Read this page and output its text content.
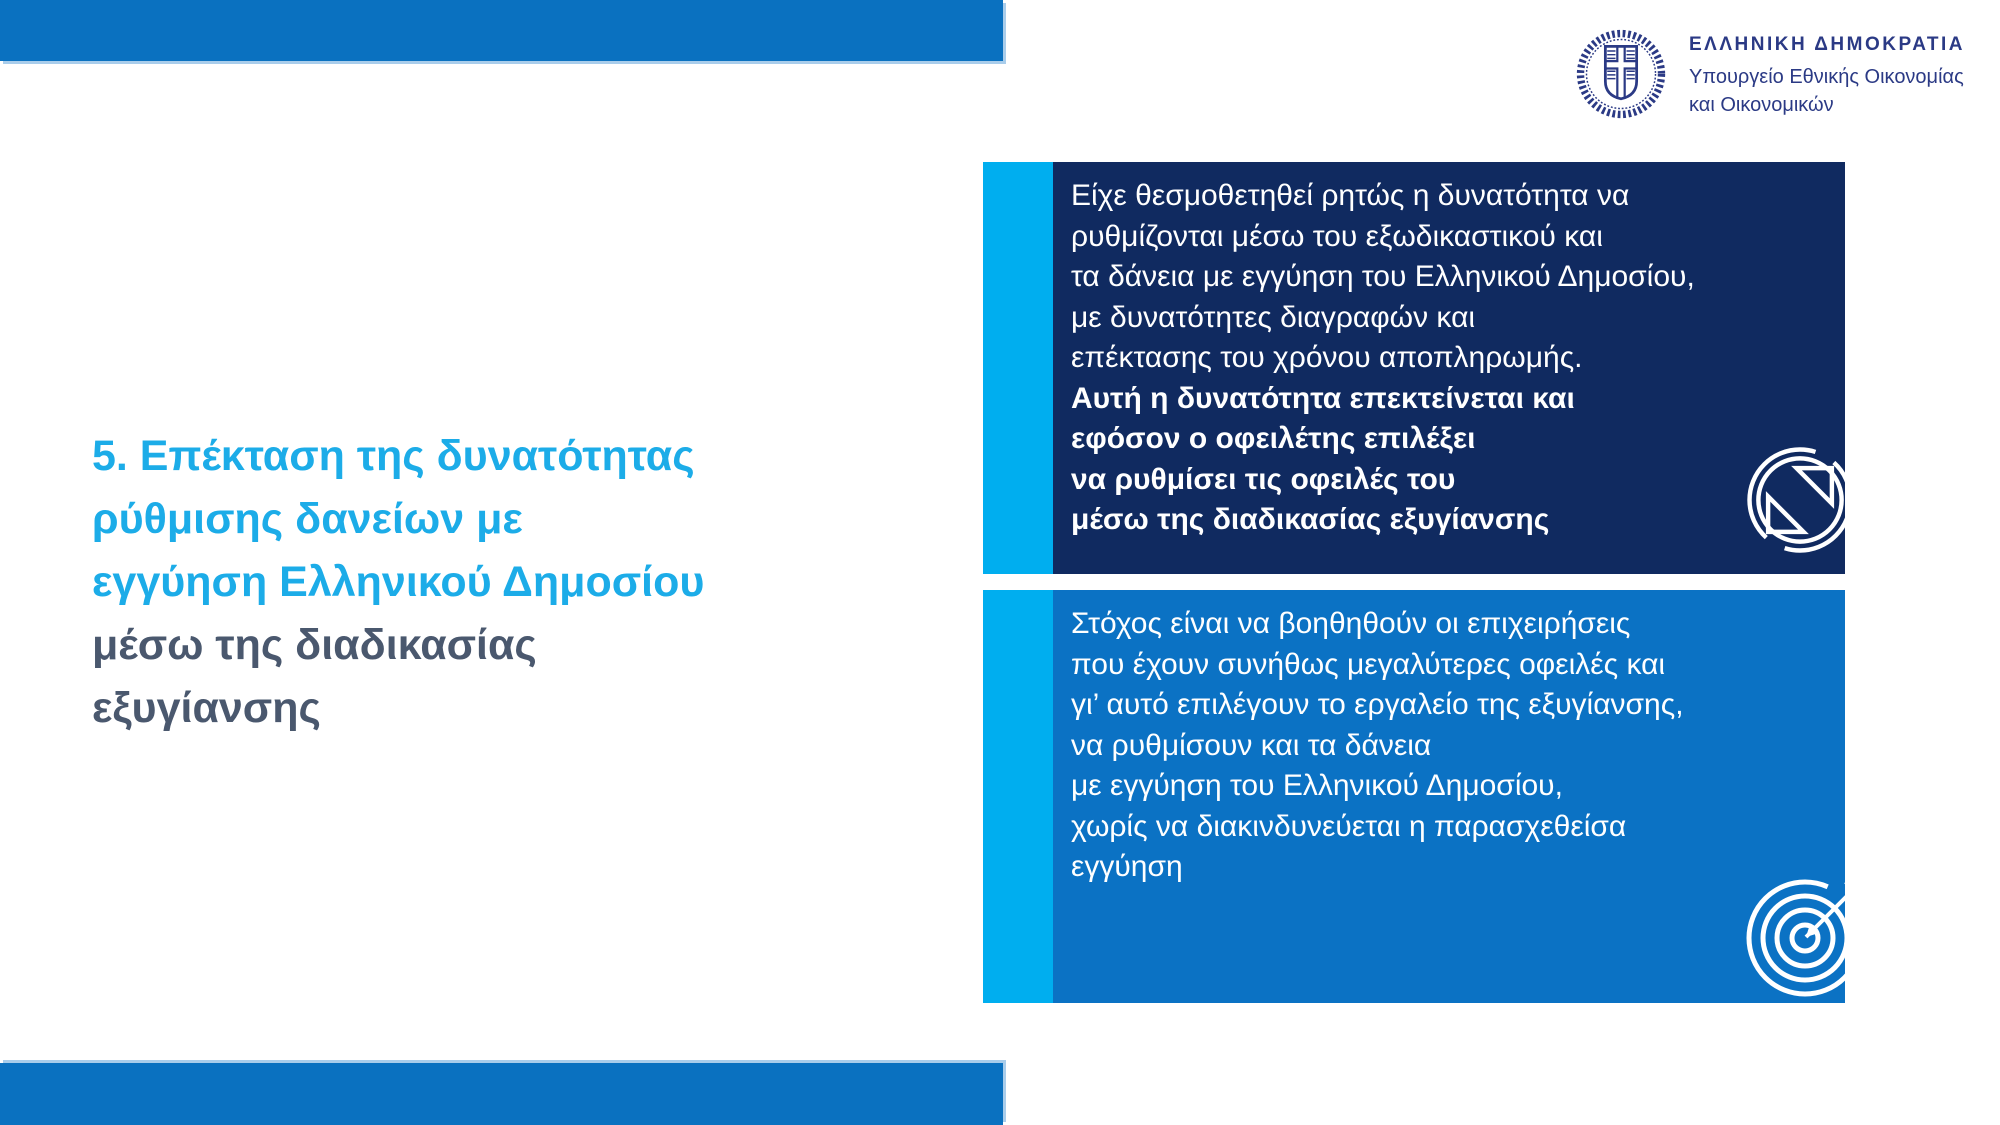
ΕΛΛΗΝΙΚΗ ΔΗΜΟΚΡΑΤΙΑ
Υπουργείο Εθνικής Οικονομίας
και Οικονομικών
5. Επέκταση της δυνατότητας
ρύθμισης δανείων με
εγγύηση Ελληνικού Δημοσίου
μέσω της διαδικασίας
εξυγίανσης
Είχε θεσμοθετηθεί ρητώς η δυνατότητα να
ρυθμίζονται μέσω του εξωδικαστικού και
τα δάνεια με εγγύηση του Ελληνικού Δημοσίου,
με δυνατότητες διαγραφών και
επέκτασης του χρόνου αποπληρωμής.
Αυτή η δυνατότητα επεκτείνεται και
εφόσον ο οφειλέτης επιλέξει
να ρυθμίσει τις οφειλές του
μέσω της διαδικασίας εξυγίανσης
Στόχος είναι να βοηθηθούν οι επιχειρήσεις
που έχουν συνήθως μεγαλύτερες οφειλές και
γι’ αυτό επιλέγουν το εργαλείο της εξυγίανσης,
να ρυθμίσουν και τα δάνεια
με εγγύηση του Ελληνικού Δημοσίου,
χωρίς να διακινδυνεύεται η παρασχεθείσα
εγγύηση
